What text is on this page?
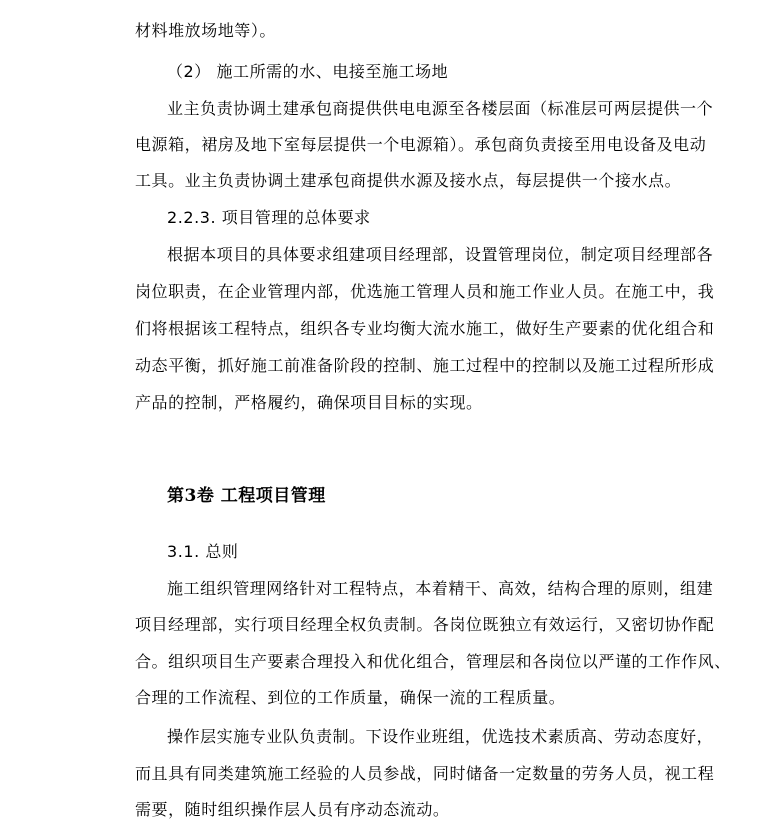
材料堆放场地等）。
（2） 施工所需的水、电接至施工场地
业主负责协调土建承包商提供供电电源至各楼层面（标准层可两层提供一个
电源箱，裙房及地下室每层提供一个电源箱）。承包商负责接至用电设备及电动
工具。业主负责协调土建承包商提供水源及接水点，每层提供一个接水点。
2.2.3. 项目管理的总体要求
根据本项目的具体要求组建项目经理部，设置管理岗位，制定项目经理部各
岗位职责，在企业管理内部，优选施工管理人员和施工作业人员。在施工中，我
们将根据该工程特点，组织各专业均衡大流水施工，做好生产要素的优化组合和
动态平衡，抓好施工前准备阶段的控制、施工过程中的控制以及施工过程所形成
产品的控制，严格履约，确保项目目标的实现。
第3卷 工程项目管理
3.1. 总则
施工组织管理网络针对工程特点，本着精干、高效，结构合理的原则，组建
项目经理部，实行项目经理全权负责制。各岗位既独立有效运行，又密切协作配
合。组织项目生产要素合理投入和优化组合，管理层和各岗位以严谨的工作作风、
合理的工作流程、到位的工作质量，确保一流的工程质量。
操作层实施专业队负责制。下设作业班组，优选技术素质高、劳动态度好，
而且具有同类建筑施工经验的人员参战，同时储备一定数量的劳务人员，视工程
需要，随时组织操作层人员有序动态流动。
